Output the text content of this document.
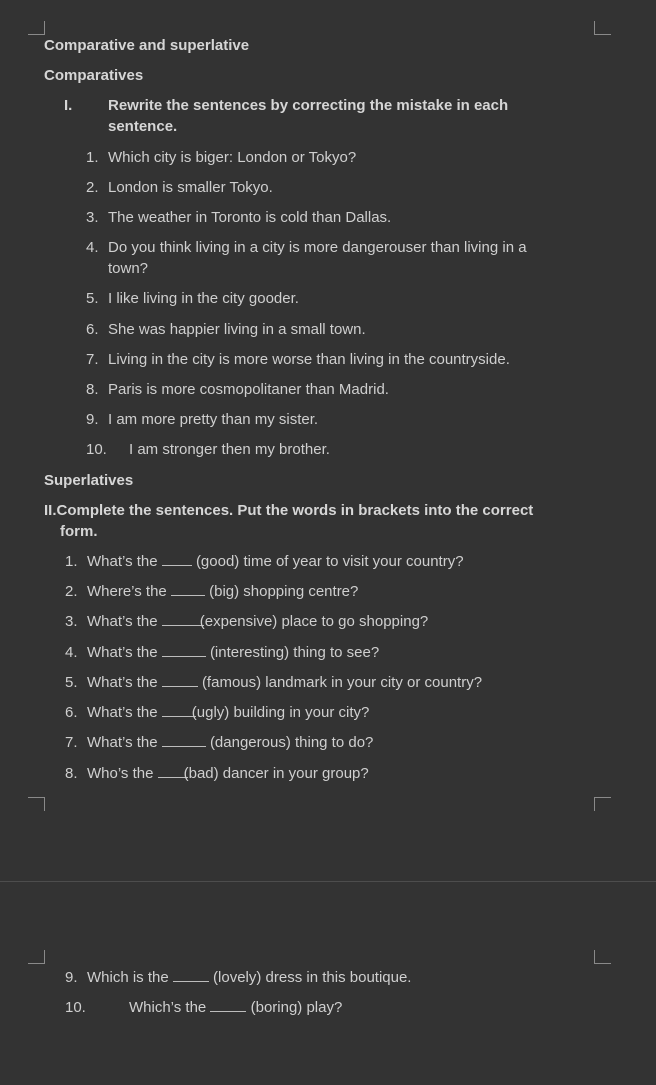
Comparative and superlative
Comparatives
I. Rewrite the sentences by correcting the mistake in each
sentence.
1. Which city is biger: London or Tokyo?
2. London is smaller Tokyo.
3. The weather in Toronto is cold than Dallas.
4. Do you think living in a city is more dangerouser than living in a
town?
5. I like living in the city gooder.
6. She was happier living in a small town.
7. Living in the city is more worse than living in the countryside.
8. Paris is more cosmopolitaner than Madrid.
9. I am more pretty than my sister.
10. I am stronger then my brother.
Superlatives
II.Complete the sentences. Put the words in brackets into the correct
form.
1. What’s the	(good) time of year to visit your country?
2. Where’s the	(big) shopping centre?
3. What’s the	(expensive) place to go shopping?
4. What’s the	(interesting) thing to see?
5. What’s the	(famous) landmark in your city or country?
6. What’s the (ugly) building in your city?
7. What’s the	(dangerous) thing to do?
8. Who’s the (bad) dancer in your group?
9. Which is the	(lovely) dress in this boutique.
10.	Which’s the	(boring) play?
